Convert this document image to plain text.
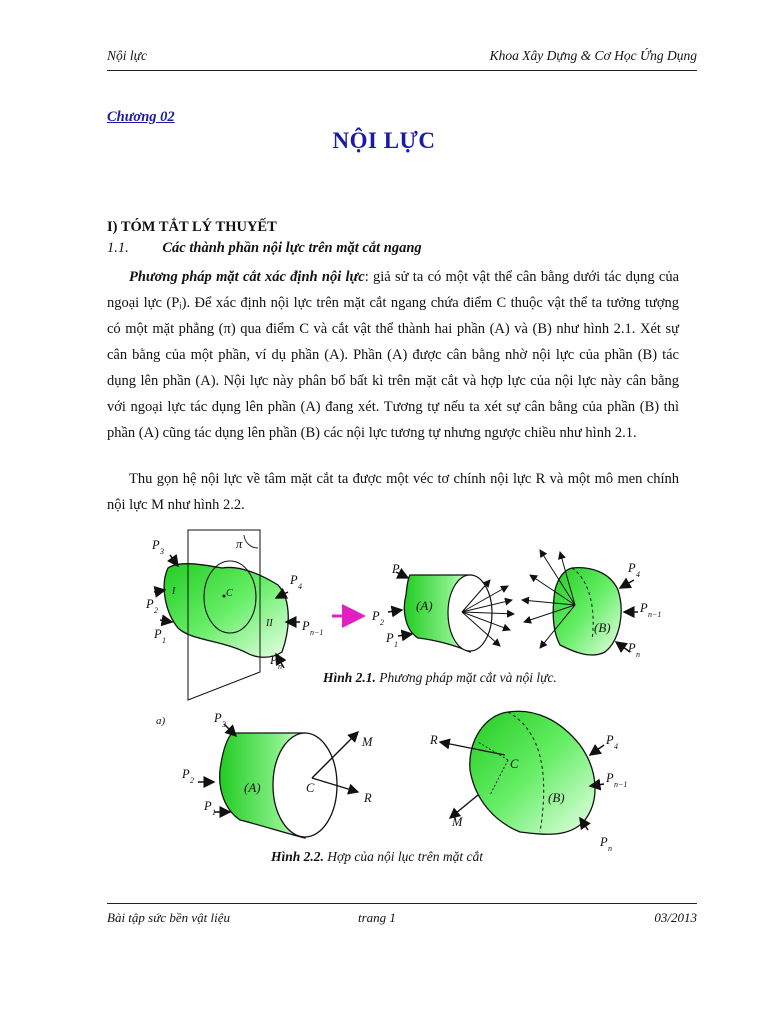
Nội lực	Khoa Xây Dựng & Cơ Học Ứng Dụng
Chương 02
NỘI LỰC
I) TÓM TẮT LÝ THUYẾT
1.1. Các thành phần nội lực trên mặt cắt ngang

Phương pháp mặt cắt xác định nội lực: giả sử ta có một vật thể cân bằng dưới tác dụng của ngoại lực (Pᵢ). Để xác định nội lực trên mặt cắt ngang chứa điểm C thuộc vật thể ta tưởng tượng có một mặt phẳng (π) qua điểm C và cắt vật thể thành hai phần (A) và (B) như hình 2.1. Xét sự cân bằng của một phần, ví dụ phần (A). Phần (A) được cân bằng nhờ nội lực của phần (B) tác dụng lên phần (A). Nội lực này phân bố bất kì trên mặt cắt và hợp lực của nội lực này cân bằng với ngoại lực tác dụng lên phần (A) đang xét. Tương tự nếu ta xét sự cân bằng của phần (B) thì phần (A) cũng tác dụng lên phần (B) các nội lực tương tự nhưng ngược chiều như hình 2.1.

Thu gọn hệ nội lực về tâm mặt cắt ta được một véc tơ chính nội lực R và một mô men chính nội lực M như hình 2.2.

P 3
P 2
P 1
P 4
P n−1
P n
π
C
I
II
P 3
P 2
P 1
(A)
P 4
P n−1
P n
(B)
a)	P 3
P 2
P 1
(A)	C
M
R
R
C
M
(B)
P 4
P n−1
P n
Hình 2.1. Phương pháp mặt cắt và nội lực.
Hình 2.2. Hợp của nội lục trên mặt cắt
Bài tập sức bền vật liệu	trang 1	03/2013
